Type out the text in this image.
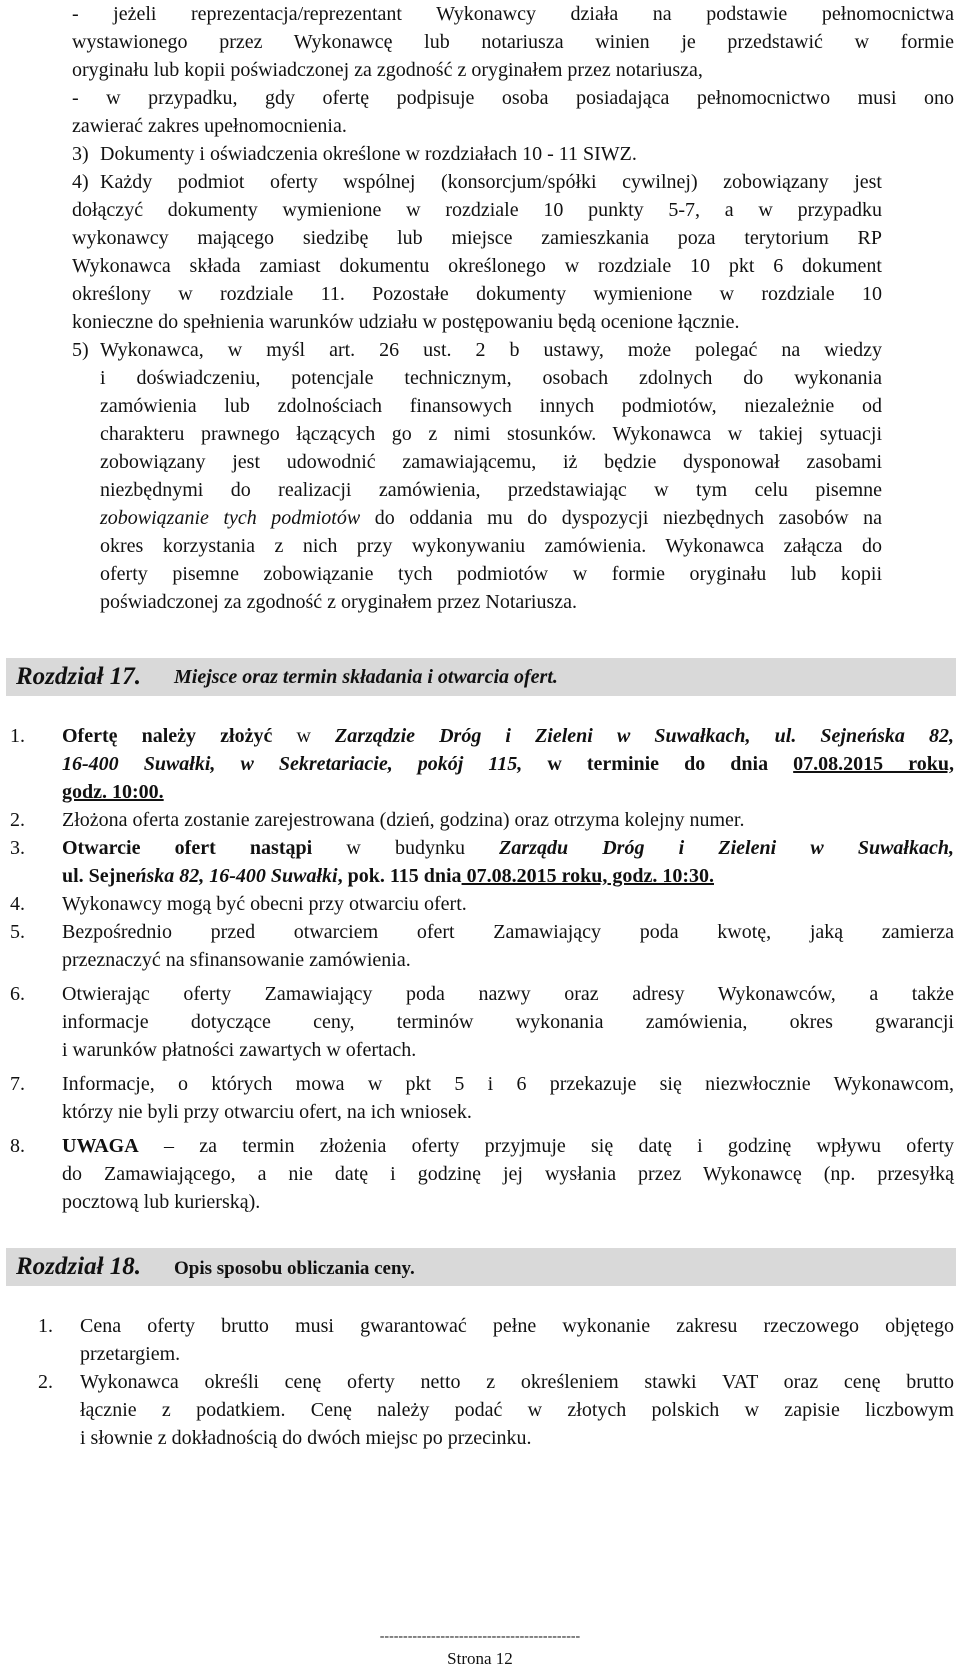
- jeżeli reprezentacja/reprezentant Wykonawcy działa na podstawie pełnomocnictwa
wystawionego przez Wykonawcę lub notariusza winien je przedstawić w formie
oryginału lub kopii poświadczonej za zgodność z oryginałem przez notariusza,
- w przypadku, gdy ofertę podpisuje osoba posiadająca pełnomocnictwo musi ono
zawierać zakres upełnomocnienia.
3) Dokumenty i oświadczenia określone w rozdziałach 10 - 11 SIWZ.
4) Każdy podmiot oferty wspólnej (konsorcjum/spółki cywilnej) zobowiązany jest
dołączyć dokumenty wymienione w rozdziale 10 punkty 5-7, a w przypadku
wykonawcy mającego siedzibę lub miejsce zamieszkania poza terytorium RP
Wykonawca składa zamiast dokumentu określonego w rozdziale 10 pkt 6 dokument
określony w rozdziale 11. Pozostałe dokumenty wymienione w rozdziale 10
konieczne do spełnienia warunków udziału w postępowaniu będą ocenione łącznie.
5) Wykonawca, w myśl art. 26 ust. 2 b ustawy, może polegać na wiedzy
i doświadczeniu, potencjale technicznym, osobach zdolnych do wykonania
zamówienia lub zdolnościach finansowych innych podmiotów, niezależnie od
charakteru prawnego łączących go z nimi stosunków. Wykonawca w takiej sytuacji
zobowiązany jest udowodnić zamawiającemu, iż będzie dysponował zasobami
niezbędnymi do realizacji zamówienia, przedstawiając w tym celu pisemne
zobowiązanie tych podmiotów do oddania mu do dyspozycji niezbędnych zasobów na
okres korzystania z nich przy wykonywaniu zamówienia. Wykonawca załącza do
oferty pisemne zobowiązanie tych podmiotów w formie oryginału lub kopii
poświadczonej za zgodność z oryginałem przez Notariusza.
Rozdział 17. Miejsce oraz termin składania i otwarcia ofert.
1. Ofertę należy złożyć w Zarządzie Dróg i Zieleni w Suwałkach, ul. Sejneńska 82,
16-400 Suwałki, w Sekretariacie, pokój 115, w terminie do dnia 07.08.2015 roku,
godz. 10:00.
2. Złożona oferta zostanie zarejestrowana (dzień, godzina) oraz otrzyma kolejny numer.
3. Otwarcie ofert nastąpi w budynku Zarządu Dróg i Zieleni w Suwałkach,
ul. Sejneńska 82, 16-400 Suwałki, pok. 115 dnia 07.08.2015 roku, godz. 10:30.
4. Wykonawcy mogą być obecni przy otwarciu ofert.
5. Bezpośrednio przed otwarciem ofert Zamawiający poda kwotę, jaką zamierza
przeznaczyć na sfinansowanie zamówienia.
6. Otwierając oferty Zamawiający poda nazwy oraz adresy Wykonawców, a także
informacje dotyczące ceny, terminów wykonania zamówienia, okres gwarancji
i warunków płatności zawartych w ofertach.
7. Informacje, o których mowa w pkt 5 i 6 przekazuje się niezwłocznie Wykonawcom,
którzy nie byli przy otwarciu ofert, na ich wniosek.
8. UWAGA – za termin złożenia oferty przyjmuje się datę i godzinę wpływu oferty
do Zamawiającego, a nie datę i godzinę jej wysłania przez Wykonawcę (np. przesyłką
pocztową lub kurierską).
Rozdział 18. Opis sposobu obliczania ceny.
1. Cena oferty brutto musi gwarantować pełne wykonanie zakresu rzeczowego objętego
przetargiem.
2. Wykonawca określi cenę oferty netto z określeniem stawki VAT oraz cenę brutto
łącznie z podatkiem. Cenę należy podać w złotych polskich w zapisie liczbowym
i słownie z dokładnością do dwóch miejsc po przecinku.
-------------------------------------------
Strona 12
